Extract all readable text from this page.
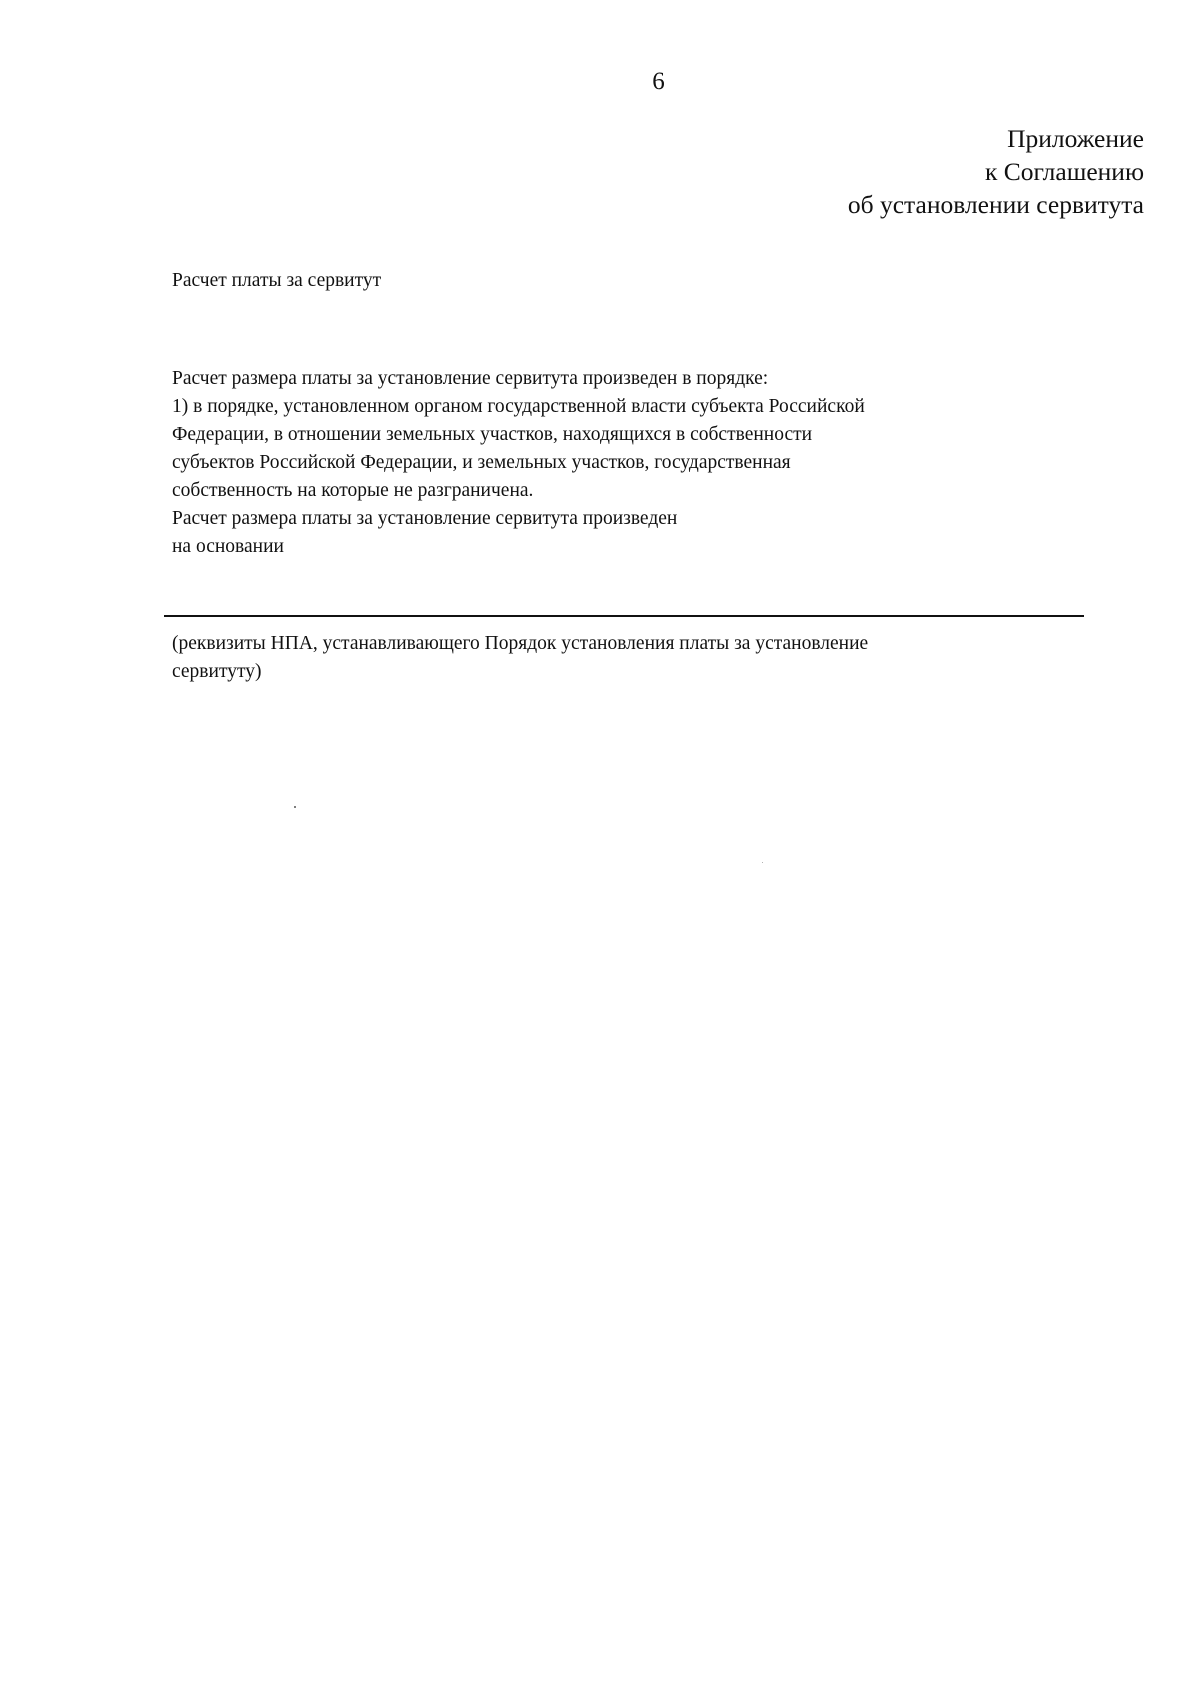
6
Приложение
к Соглашению
об установлении сервитута
Расчет платы за сервитут
Расчет размера платы за установление сервитута произведен в порядке:
1) в порядке, установленном органом государственной власти субъекта Российской
Федерации, в отношении земельных участков, находящихся в собственности
субъектов Российской Федерации, и земельных участков, государственная
собственность на которые не разграничена.
Расчет размера платы за установление сервитута произведен
на основании
(реквизиты НПА, устанавливающего Порядок установления платы за установление
сервитуту)
